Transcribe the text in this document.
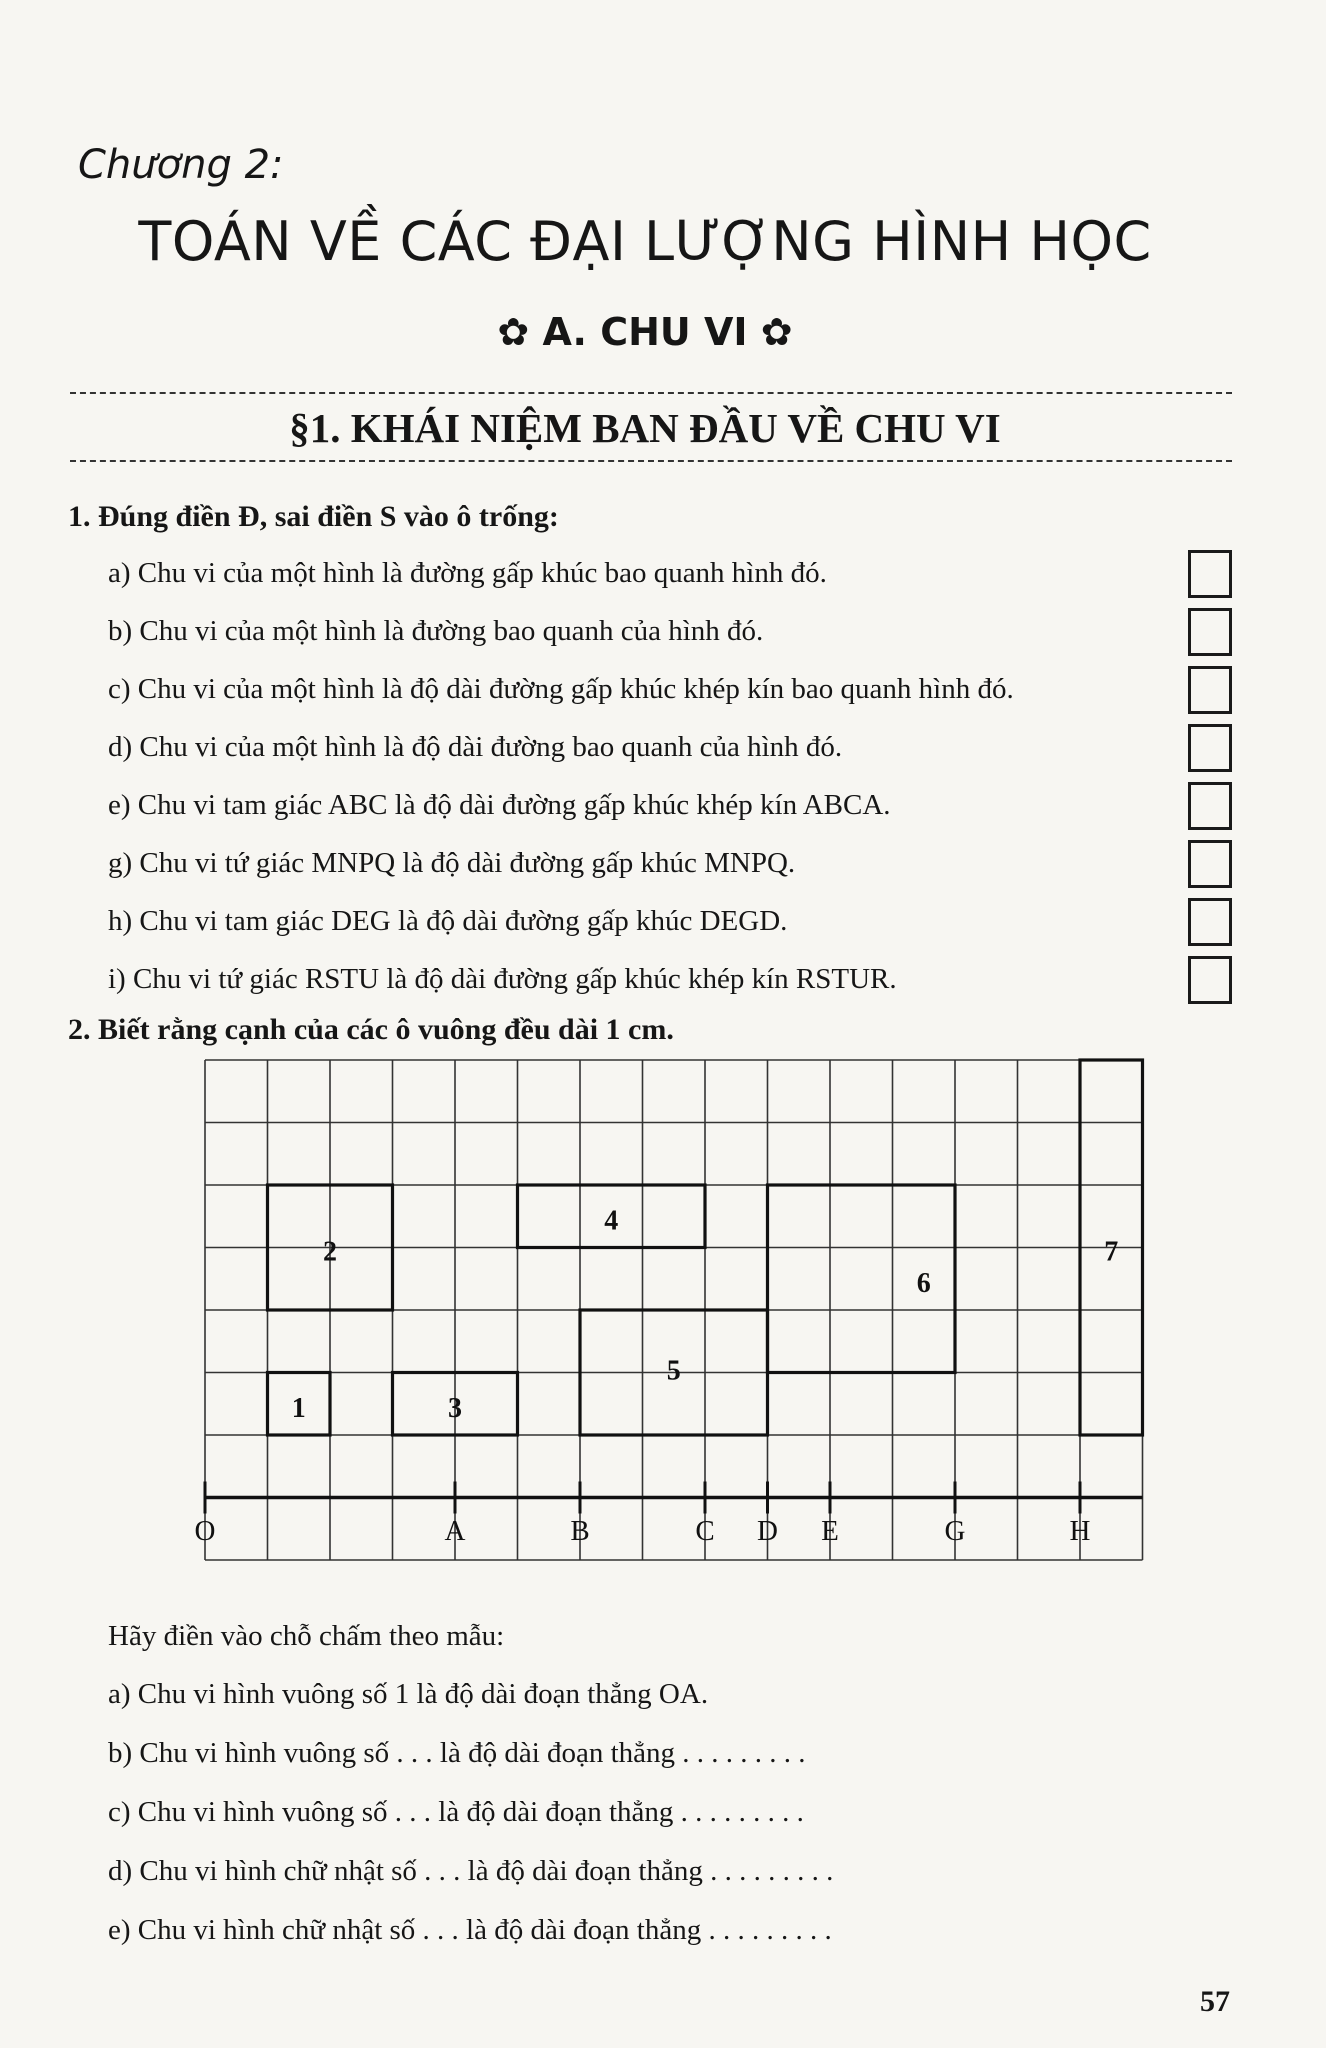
Chương 2:
TOÁN VỀ CÁC ĐẠI LƯỢNG HÌNH HỌC
✿ A. CHU VI ✿
§1. KHÁI NIỆM BAN ĐẦU VỀ CHU VI
1. Đúng điền Đ, sai điền S vào ô trống:
a) Chu vi của một hình là đường gấp khúc bao quanh hình đó.
b) Chu vi của một hình là đường bao quanh của hình đó.
c) Chu vi của một hình là độ dài đường gấp khúc khép kín bao quanh hình đó.
d) Chu vi của một hình là độ dài đường bao quanh của hình đó.
e) Chu vi tam giác ABC là độ dài đường gấp khúc khép kín ABCA.
g) Chu vi tứ giác MNPQ là độ dài đường gấp khúc MNPQ.
h) Chu vi tam giác DEG là độ dài đường gấp khúc DEGD.
i) Chu vi tứ giác RSTU là độ dài đường gấp khúc khép kín RSTUR.
2. Biết rằng cạnh của các ô vuông đều dài 1 cm.
1
2
3
4
5
6
7
O	A	B	C D E	G	H
Hãy điền vào chỗ chấm theo mẫu:
a) Chu vi hình vuông số 1 là độ dài đoạn thẳng OA.
b) Chu vi hình vuông số . . . là độ dài đoạn thẳng . . . . . . . . .
c) Chu vi hình vuông số . . . là độ dài đoạn thẳng . . . . . . . . .
d) Chu vi hình chữ nhật số . . . là độ dài đoạn thẳng . . . . . . . . .
e) Chu vi hình chữ nhật số . . . là độ dài đoạn thẳng . . . . . . . . .
57
